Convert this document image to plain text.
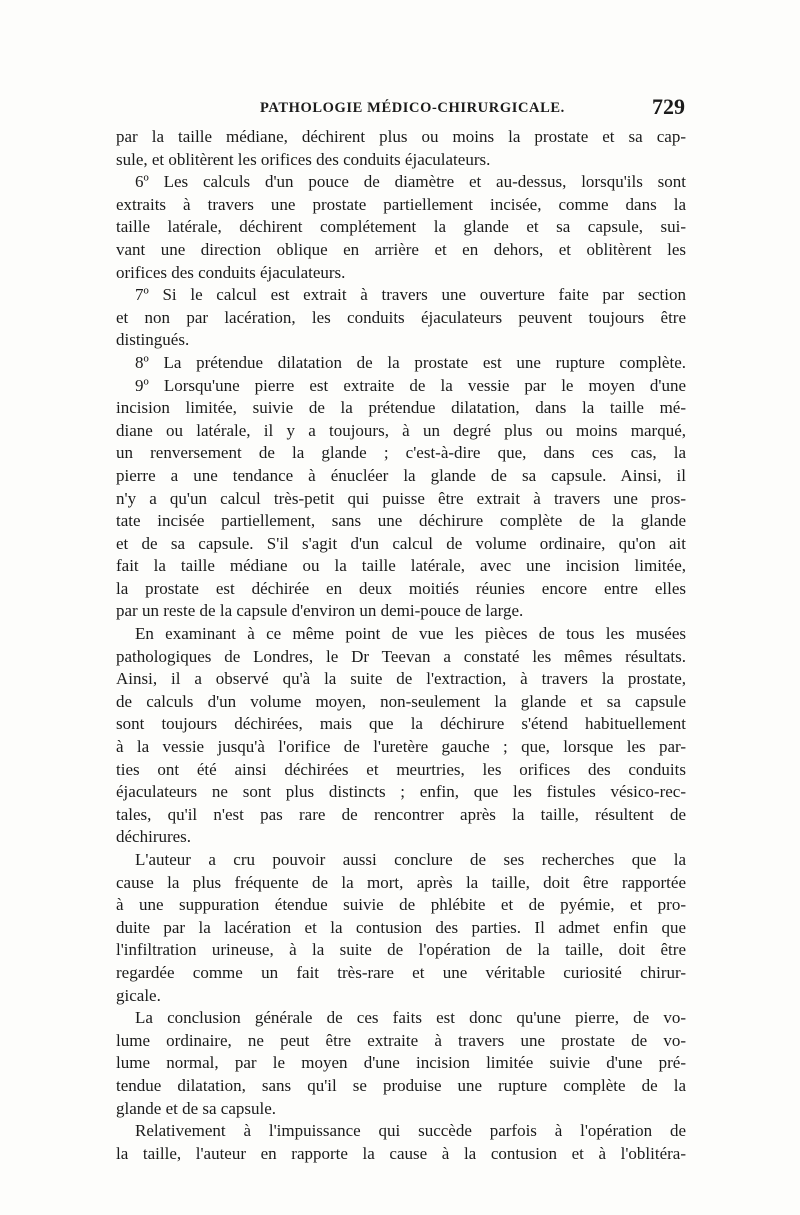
PATHOLOGIE MÉDICO-CHIRURGICALE.	729
par la taille médiane, déchirent plus ou moins la prostate et sa cap-
sule, et oblitèrent les orifices des conduits éjaculateurs.
6º Les calculs d'un pouce de diamètre et au-dessus, lorsqu'ils sont
extraits à travers une prostate partiellement incisée, comme dans la
taille latérale, déchirent complétement la glande et sa capsule, sui-
vant une direction oblique en arrière et en dehors, et oblitèrent les
orifices des conduits éjaculateurs.
7º Si le calcul est extrait à travers une ouverture faite par section
et non par lacération, les conduits éjaculateurs peuvent toujours être
distingués.
8º La prétendue dilatation de la prostate est une rupture complète.
9º Lorsqu'une pierre est extraite de la vessie par le moyen d'une
incision limitée, suivie de la prétendue dilatation, dans la taille mé-
diane ou latérale, il y a toujours, à un degré plus ou moins marqué,
un renversement de la glande ; c'est-à-dire que, dans ces cas, la
pierre a une tendance à énucléer la glande de sa capsule. Ainsi, il
n'y a qu'un calcul très-petit qui puisse être extrait à travers une pros-
tate incisée partiellement, sans une déchirure complète de la glande
et de sa capsule. S'il s'agit d'un calcul de volume ordinaire, qu'on ait
fait la taille médiane ou la taille latérale, avec une incision limitée,
la prostate est déchirée en deux moitiés réunies encore entre elles
par un reste de la capsule d'environ un demi-pouce de large.
En examinant à ce même point de vue les pièces de tous les musées
pathologiques de Londres, le Dr Teevan a constaté les mêmes résultats.
Ainsi, il a observé qu'à la suite de l'extraction, à travers la prostate,
de calculs d'un volume moyen, non-seulement la glande et sa capsule
sont toujours déchirées, mais que la déchirure s'étend habituellement
à la vessie jusqu'à l'orifice de l'uretère gauche ; que, lorsque les par-
ties ont été ainsi déchirées et meurtries, les orifices des conduits
éjaculateurs ne sont plus distincts ; enfin, que les fistules vésico-rec-
tales, qu'il n'est pas rare de rencontrer après la taille, résultent de
déchirures.
L'auteur a cru pouvoir aussi conclure de ses recherches que la
cause la plus fréquente de la mort, après la taille, doit être rapportée
à une suppuration étendue suivie de phlébite et de pyémie, et pro-
duite par la lacération et la contusion des parties. Il admet enfin que
l'infiltration urineuse, à la suite de l'opération de la taille, doit être
regardée comme un fait très-rare et une véritable curiosité chirur-
gicale.
La conclusion générale de ces faits est donc qu'une pierre, de vo-
lume ordinaire, ne peut être extraite à travers une prostate de vo-
lume normal, par le moyen d'une incision limitée suivie d'une pré-
tendue dilatation, sans qu'il se produise une rupture complète de la
glande et de sa capsule.
Relativement à l'impuissance qui succède parfois à l'opération de
la taille, l'auteur en rapporte la cause à la contusion et à l'oblitéra-
